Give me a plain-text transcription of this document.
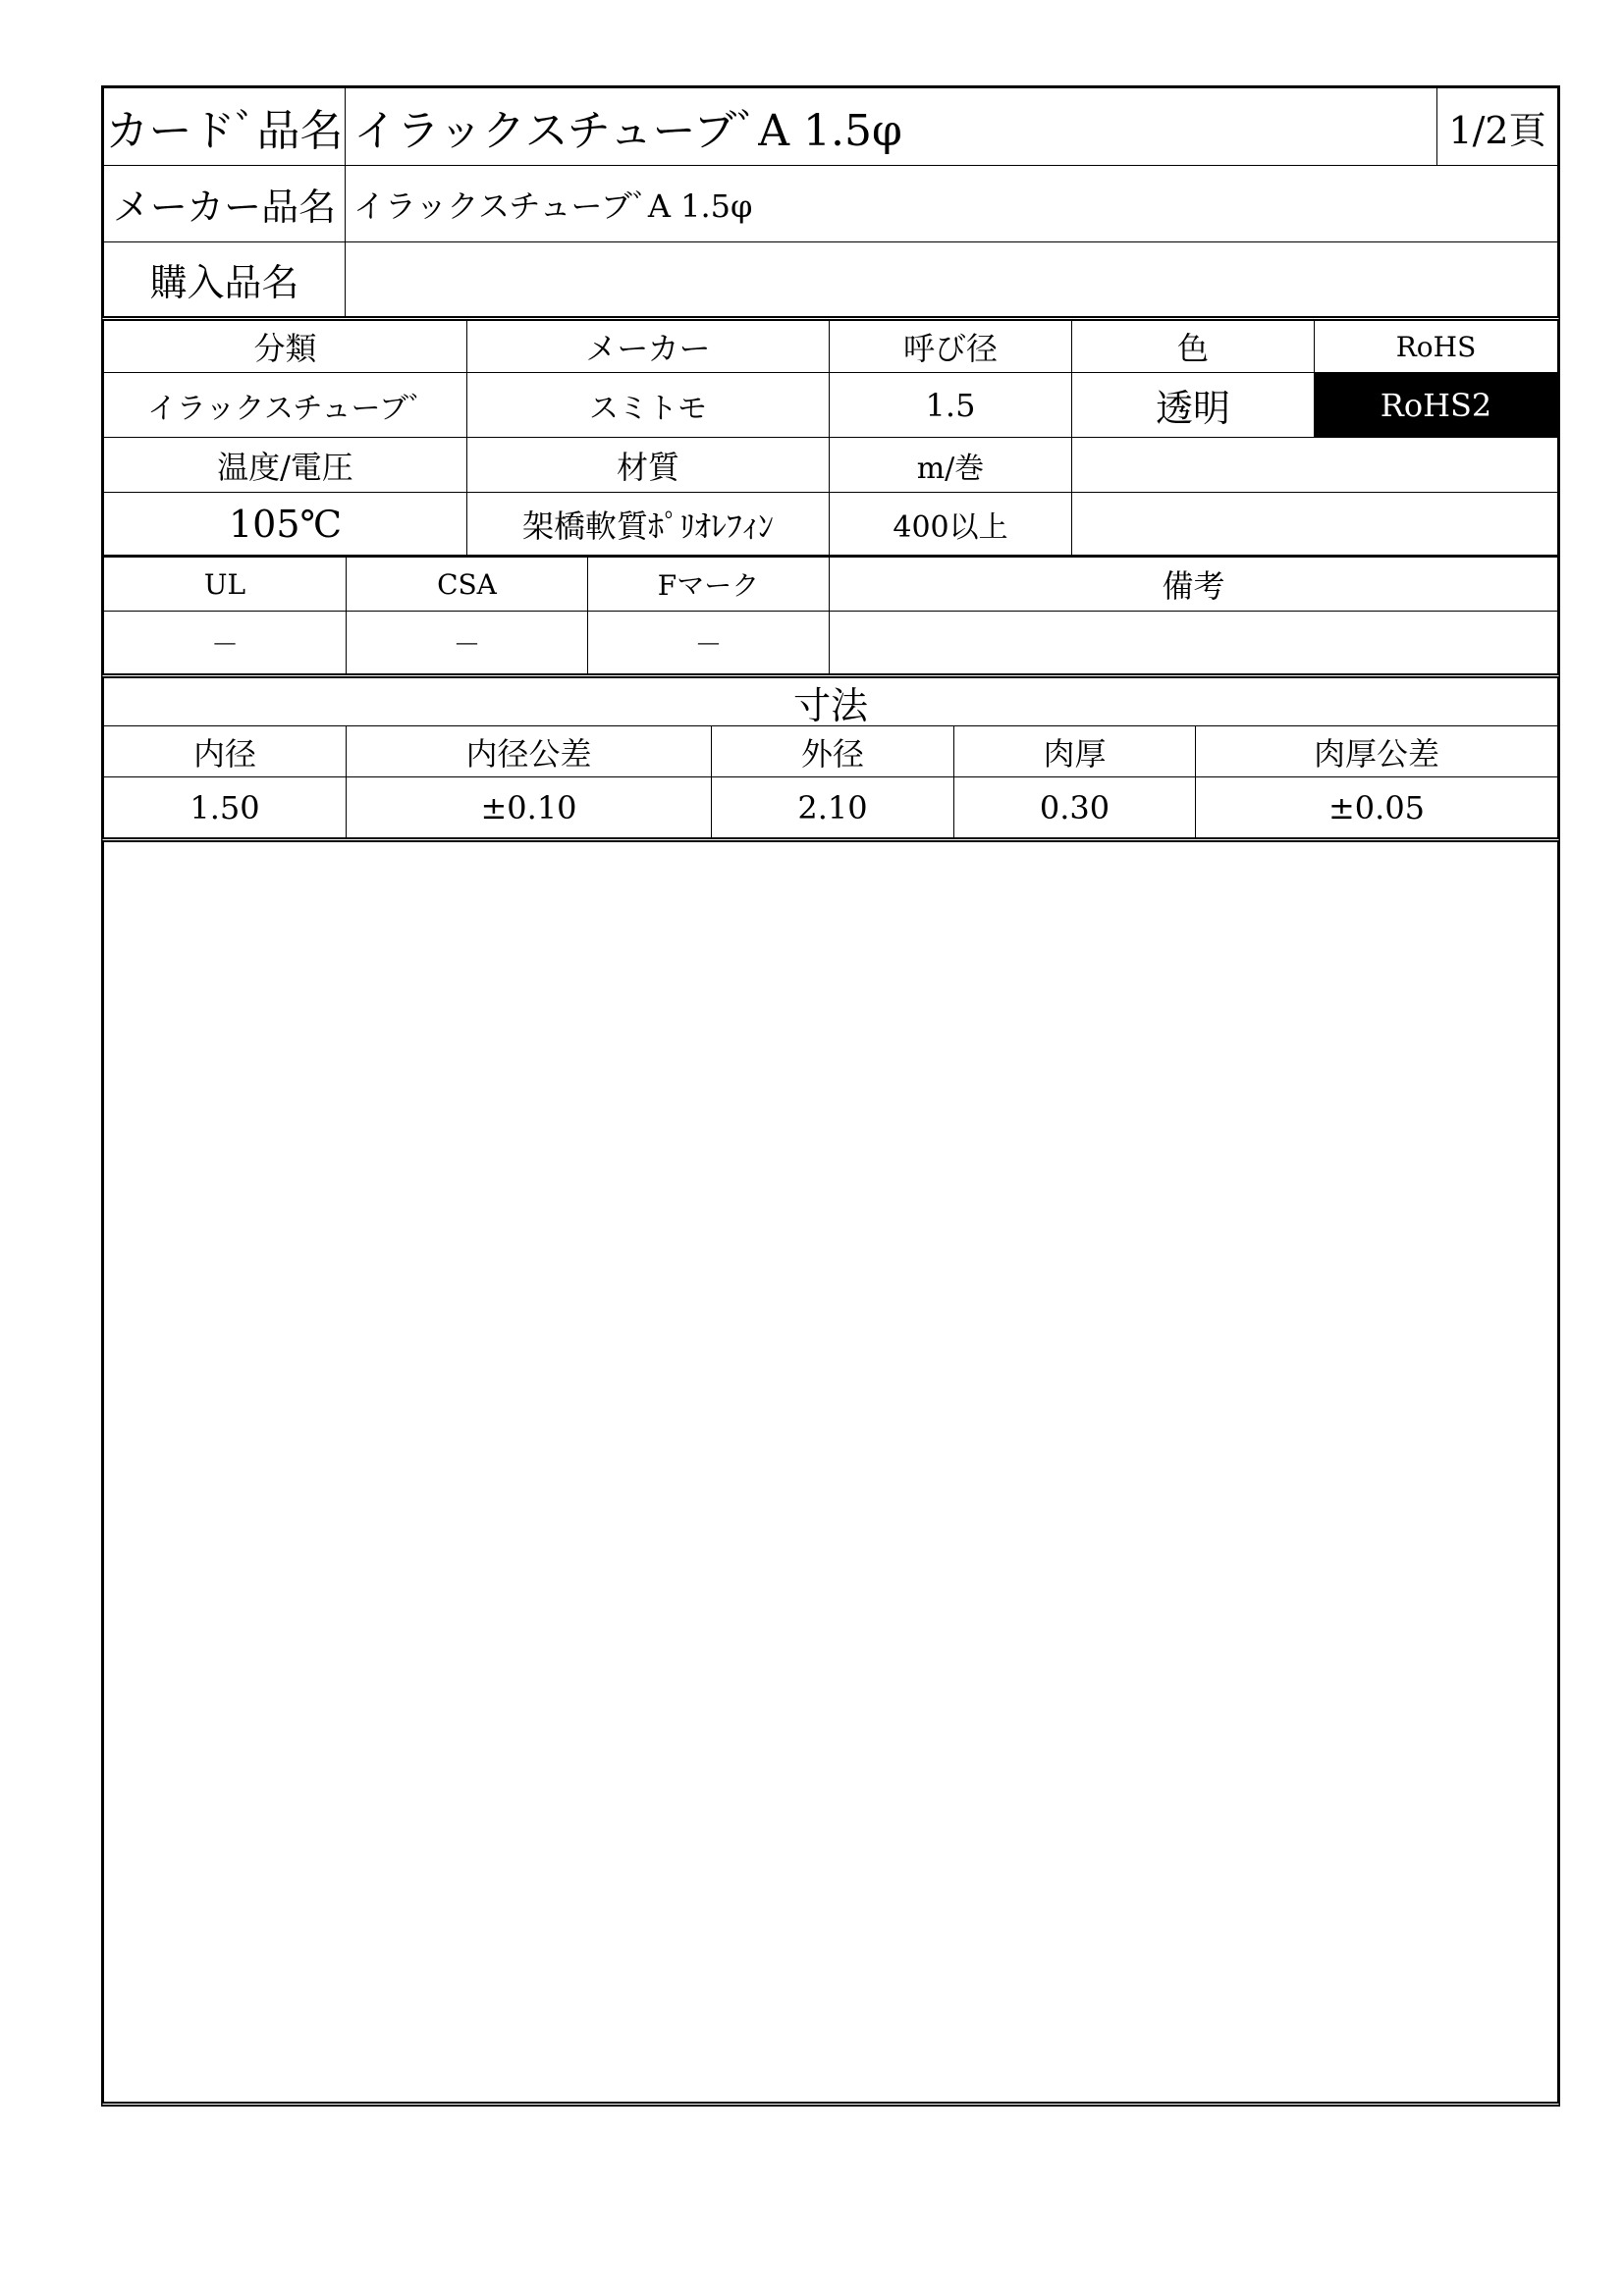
カードﾞ品名 イラックスチューブﾞA 1.5φ	1/2頁
メーカー品名 イラックスチューブﾞA 1.5φ
購入品名
分類	メーカー	呼び径	色	RoHS
イラックスチューブﾞ	スミトモ	1.5	透明	RoHS2
温度/電圧	材質	m/巻
105℃	架橋軟質ﾎﾟﾘｵﾚﾌｨﾝ	400以上
UL	CSA	Fマーク	備考
－	－	－
寸法
内径	内径公差	外径	肉厚	肉厚公差
1.50	±0.10	2.10	0.30	±0.05
